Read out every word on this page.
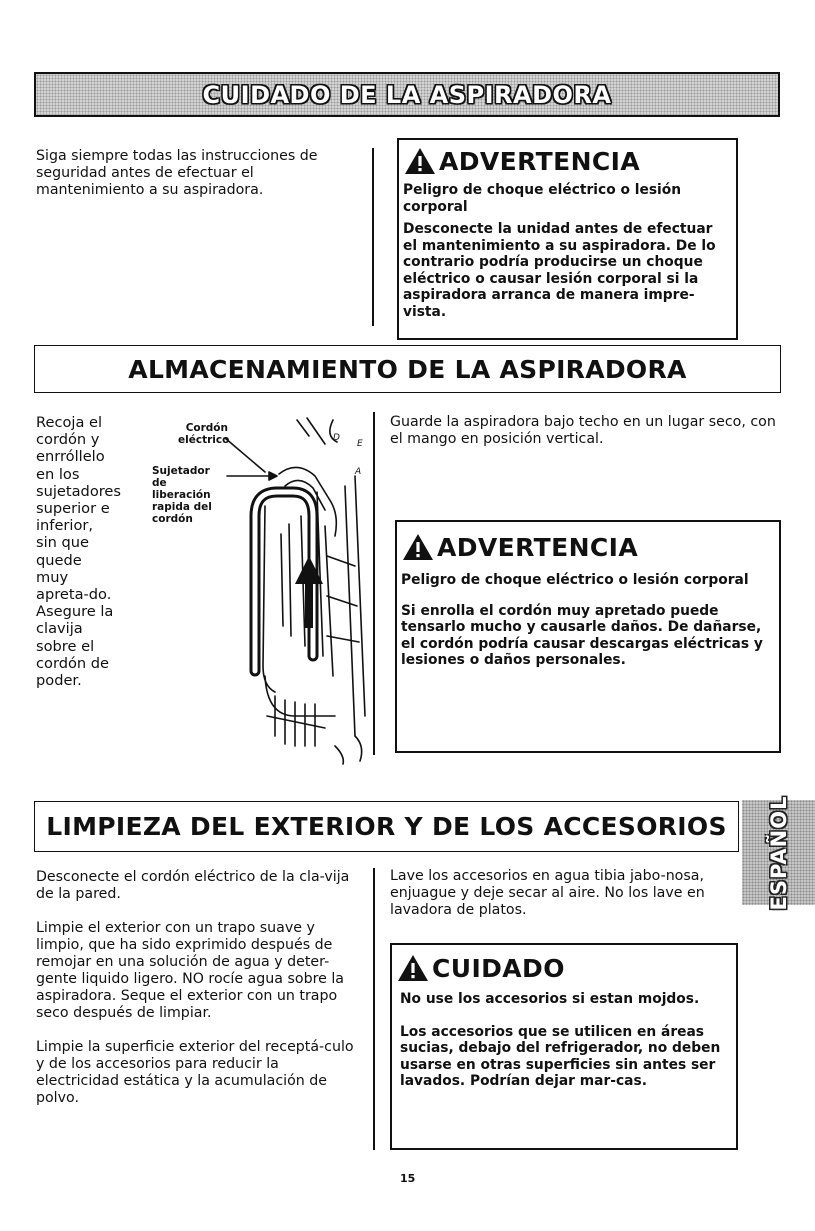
CUIDADO DE LA ASPIRADORA
Siga siempre todas las instrucciones de seguridad antes de efectuar el mantenimiento a su aspiradora.
ADVERTENCIA

Peligro de choque eléctrico o lesión corporal

Desconecte la unidad antes de efectuar el mantenimiento a su aspiradora. De lo contrario podría producirse un choque eléctrico o causar lesión corporal si la aspiradora arranca de manera impre-vista.

ALMACENAMIENTO DE LA ASPIRADORA
Recoja el cordón y enrróllelo en los sujetadores superior e inferior, sin que quede muy apreta-do. Asegure la clavija sobre el cordón de poder.
Cordón eléctrico
Sujetador de liberación rapida del cordón
D
E
A
Guarde la aspiradora bajo techo en un lugar seco, con el mango en posición vertical.
ADVERTENCIA

Peligro de choque eléctrico o lesión corporal

Si enrolla el cordón muy apretado puede tensarlo mucho y causarle daños. De dañarse, el cordón podría causar descargas eléctricas y lesiones o daños personales.

LIMPIEZA DEL EXTERIOR Y DE LOS ACCESORIOS ESPAÑOL

Desconecte el cordón eléctrico de la cla-vija de la pared.

Limpie el exterior con un trapo suave y limpio, que ha sido exprimido después de remojar en una solución de agua y deter-gente liquido ligero. NO rocíe agua sobre la aspiradora. Seque el exterior con un trapo seco después de limpiar.

Limpie la superficie exterior del receptá-culo y de los accesorios para reducir la electricidad estática y la acumulación de polvo.

Lave los accesorios en agua tibia jabo-nosa, enjuague y deje secar al aire. No los lave en lavadora de platos.
CUIDADO

No use los accesorios si estan mojdos.

Los accesorios que se utilicen en áreas sucias, debajo del refrigerador, no deben usarse en otras superficies sin antes ser lavados. Podrían dejar mar-cas.

15
